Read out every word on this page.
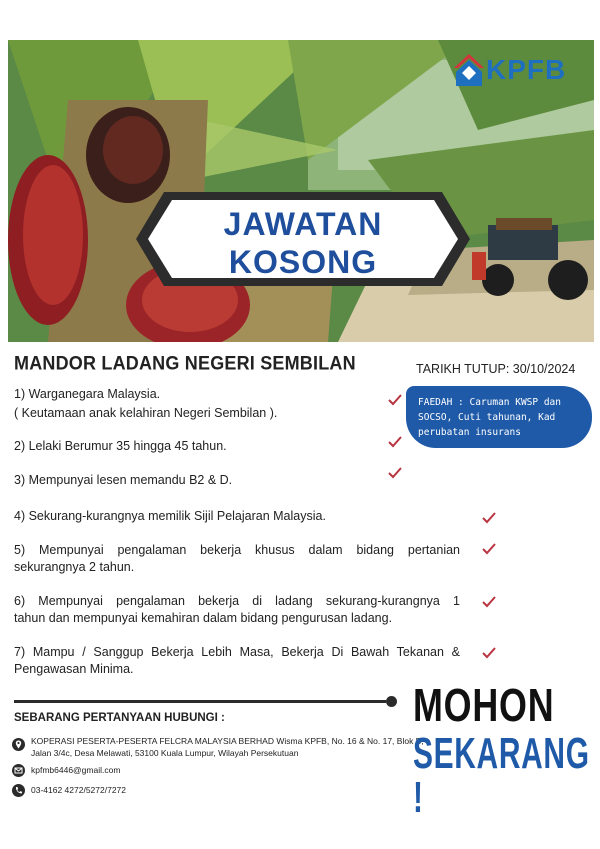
JAWATAN
KOSONG
KPFB
MANDOR LADANG NEGERI SEMBILAN	TARIKH TUTUP: 30/10/2024
1) Warganegara Malaysia.
( Keutamaan anak kelahiran Negeri Sembilan ).
2) Lelaki Berumur 35 hingga 45 tahun.
3) Mempunyai lesen memandu B2 & D.
4) Sekurang-kurangnya memilik Sijil Pelajaran Malaysia.
5) Mempunyai pengalaman bekerja khusus dalam bidang pertanian
sekurangnya 2 tahun.
6) Mempunyai pengalaman bekerja di ladang sekurang-kurangnya 1
tahun dan mempunyai kemahiran dalam bidang pengurusan ladang.
7) Mampu / Sanggup Bekerja Lebih Masa, Bekerja Di Bawah Tekanan &
Pengawasan Minima.
FAEDAH : Caruman KWSP dan
SOCSO, Cuti tahunan, Kad
perubatan insurans
SEBARANG PERTANYAAN HUBUNGI :
KOPERASI PESERTA-PESERTA FELCRA MALAYSIA BERHAD Wisma KPFB, No. 16 & No. 17, Blok B,
Jalan 3/4c, Desa Melawati, 53100 Kuala Lumpur, Wilayah Persekutuan
kpfmb6446@gmail.com
03-4162 4272/5272/7272
MOHON
SEKARANG !
